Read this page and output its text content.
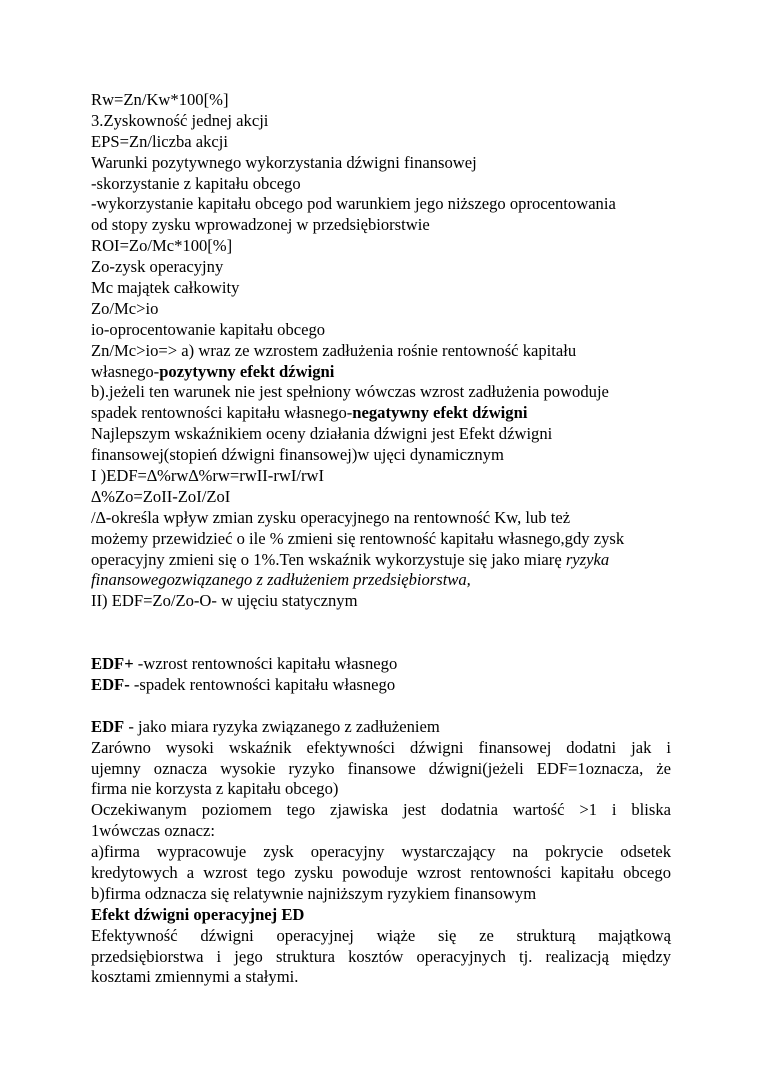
Rw=Zn/Kw*100[%]
3.Zyskowność jednej akcji
EPS=Zn/liczba akcji
Warunki pozytywnego wykorzystania dźwigni finansowej
-skorzystanie z kapitału obcego
-wykorzystanie kapitału obcego pod warunkiem jego niższego oprocentowania
od stopy zysku wprowadzonej w przedsiębiorstwie
ROI=Zo/Mc*100[%]
Zo-zysk operacyjny
Mc majątek całkowity
Zo/Mc>io
io-oprocentowanie kapitału obcego
Zn/Mc>io=> a) wraz ze wzrostem zadłużenia rośnie rentowność kapitału
własnego-pozytywny efekt dźwigni
b).jeżeli ten warunek nie jest spełniony wówczas wzrost zadłużenia powoduje
spadek rentowności kapitału własnego-negatywny efekt dźwigni
Najlepszym wskaźnikiem oceny działania dźwigni jest Efekt dźwigni
finansowej(stopień dźwigni finansowej)w ujęci dynamicznym
I )EDF=∆%rw∆%rw=rwII-rwI/rwI
∆%Zo=ZoII-ZoI/ZoI
/∆-określa wpływ zmian zysku operacyjnego na rentowność Kw, lub też
możemy przewidzieć o ile % zmieni się rentowność kapitału własnego,gdy zysk
operacyjny zmieni się o 1%.Ten wskaźnik wykorzystuje się jako miarę ryzyka
finansowegozwiązanego z zadłużeniem przedsiębiorstwa,
II) EDF=Zo/Zo-O- w ujęciu statycznym
EDF+ -wzrost rentowności kapitału własnego
EDF- -spadek rentowności kapitału własnego
EDF - jako miara ryzyka związanego z zadłużeniem
Zarówno wysoki wskaźnik efektywności dźwigni finansowej dodatni jak i
ujemny oznacza wysokie ryzyko finansowe dźwigni(jeżeli EDF=1oznacza, że
firma nie korzysta z kapitału obcego)
Oczekiwanym poziomem tego zjawiska jest dodatnia wartość >1 i bliska
1wówczas oznacz:
a)firma wypracowuje zysk operacyjny wystarczający na pokrycie odsetek
kredytowych a wzrost tego zysku powoduje wzrost rentowności kapitału obcego
b)firma odznacza się relatywnie najniższym ryzykiem finansowym
Efekt dźwigni operacyjnej ED
Efektywność dźwigni operacyjnej wiąże się ze strukturą majątkową
przedsiębiorstwa i jego struktura kosztów operacyjnych tj. realizacją między
kosztami zmiennymi a stałymi.
